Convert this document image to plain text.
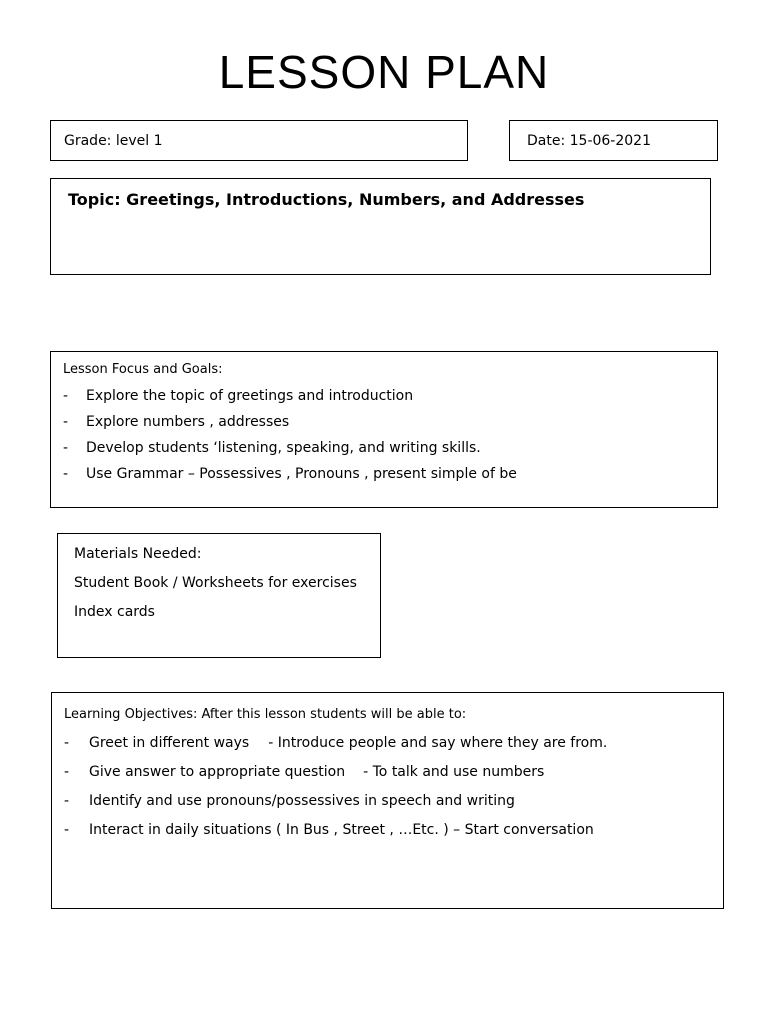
LESSON PLAN
Grade: level 1	Date: 15-06-2021
Topic: Greetings, Introductions, Numbers, and Addresses
Lesson Focus and Goals:
- Explore the topic of greetings and introduction
- Explore numbers , addresses
- Develop students ‘listening, speaking, and writing skills.
- Use Grammar – Possessives , Pronouns , present simple of be
Materials Needed:
Student Book / Worksheets for exercises
Index cards
Learning Objectives: After this lesson students will be able to:
- Greet in different ways - Introduce people and say where they are from.
- Give answer to appropriate question - To talk and use numbers
- Identify and use pronouns/possessives in speech and writing
- Interact in daily situations ( In Bus , Street , …Etc. ) – Start conversation
